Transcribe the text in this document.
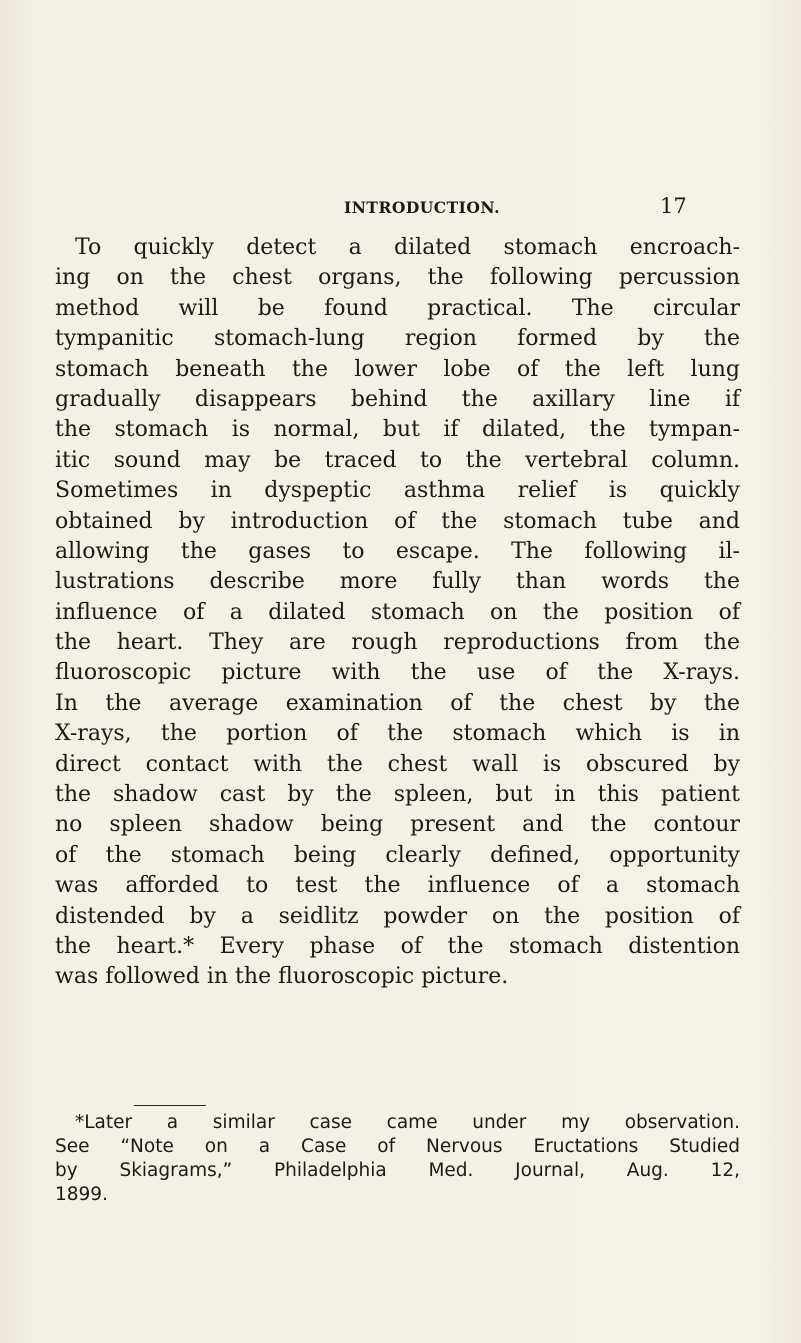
INTRODUCTION.	17
To quickly detect a dilated stomach encroach-
ing on the chest organs, the following percussion
method will be found practical. The circular
tympanitic stomach-lung region formed by the
stomach beneath the lower lobe of the left lung
gradually disappears behind the axillary line if
the stomach is normal, but if dilated, the tympan-
itic sound may be traced to the vertebral column.
Sometimes in dyspeptic asthma relief is quickly
obtained by introduction of the stomach tube and
allowing the gases to escape. The following il-
lustrations describe more fully than words the
influence of a dilated stomach on the position of
the heart. They are rough reproductions from the
fluoroscopic picture with the use of the X-rays.
In the average examination of the chest by the
X-rays, the portion of the stomach which is in
direct contact with the chest wall is obscured by
the shadow cast by the spleen, but in this patient
no spleen shadow being present and the contour
of the stomach being clearly defined, opportunity
was afforded to test the influence of a stomach
distended by a seidlitz powder on the position of
the heart.* Every phase of the stomach distention
was followed in the fluoroscopic picture.
*Later a similar case came under my observation.
See “Note on a Case of Nervous Eructations Studied
by Skiagrams,” Philadelphia Med. Journal, Aug. 12,
1899.
